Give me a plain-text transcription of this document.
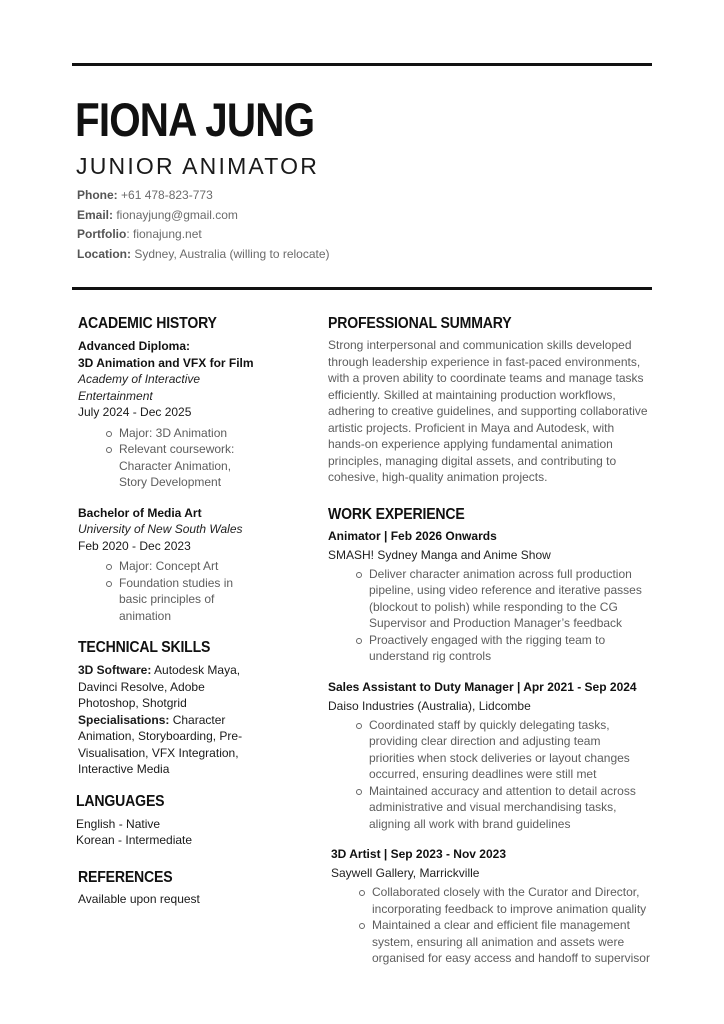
FIONA JUNG
JUNIOR ANIMATOR
Phone: +61 478-823-773
Email: fionayjung@gmail.com
Portfolio: fionajung.net
Location: Sydney, Australia (willing to relocate)
ACADEMIC HISTORY
Advanced Diploma:
3D Animation and VFX for Film
Academy of Interactive Entertainment
July 2024 - Dec 2025
Major: 3D Animation
Relevant coursework: Character Animation, Story Development
Bachelor of Media Art
University of New South Wales
Feb 2020 - Dec 2023
Major: Concept Art
Foundation studies in basic principles of animation
TECHNICAL SKILLS
3D Software: Autodesk Maya, Davinci Resolve, Adobe Photoshop, Shotgrid
Specialisations: Character Animation, Storyboarding, Pre-Visualisation, VFX Integration, Interactive Media
LANGUAGES
English - Native
Korean - Intermediate
REFERENCES
Available upon request
PROFESSIONAL SUMMARY
Strong interpersonal and communication skills developed through leadership experience in fast-paced environments, with a proven ability to coordinate teams and manage tasks efficiently. Skilled at maintaining production workflows, adhering to creative guidelines, and supporting collaborative artistic projects. Proficient in Maya and Autodesk, with hands-on experience applying fundamental animation principles, managing digital assets, and contributing to cohesive, high-quality animation projects.
WORK EXPERIENCE
Animator | Feb 2026 Onwards
SMASH! Sydney Manga and Anime Show
Deliver character animation across full production pipeline, using video reference and iterative passes (blockout to polish) while responding to the CG Supervisor and Production Manager’s feedback
Proactively engaged with the rigging team to understand rig controls
Sales Assistant to Duty Manager | Apr 2021 - Sep 2024
Daiso Industries (Australia), Lidcombe
Coordinated staff by quickly delegating tasks, providing clear direction and adjusting team priorities when stock deliveries or layout changes occurred, ensuring deadlines were still met
Maintained accuracy and attention to detail across administrative and visual merchandising tasks, aligning all work with brand guidelines
3D Artist | Sep 2023 - Nov 2023
Saywell Gallery, Marrickville
Collaborated closely with the Curator and Director, incorporating feedback to improve animation quality
Maintained a clear and efficient file management system, ensuring all animation and assets were organised for easy access and handoff to supervisor
